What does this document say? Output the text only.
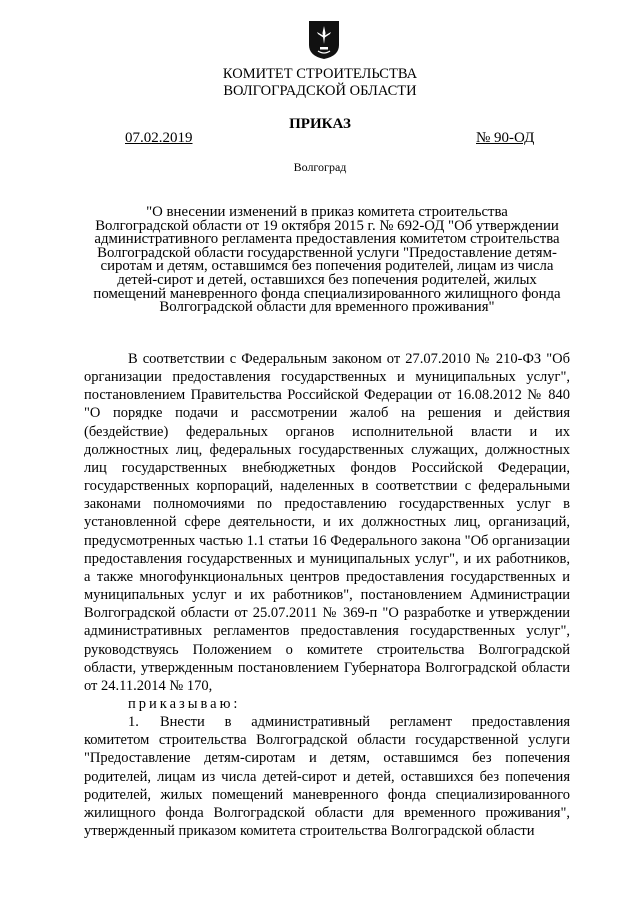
КОМИТЕТ СТРОИТЕЛЬСТВА
ВОЛГОГРАДСКОЙ ОБЛАСТИ
ПРИКАЗ
07.02.2019	№ 90-ОД
Волгоград
"О внесении изменений в приказ комитета строительства
Волгоградской области от 19 октября 2015 г. № 692-ОД "Об утверждении
административного регламента предоставления комитетом строительства
Волгоградской области государственной услуги "Предоставление детям-
сиротам и детям, оставшимся без попечения родителей, лицам из числа
детей-сирот и детей, оставшихся без попечения родителей, жилых
помещений маневренного фонда специализированного жилищного фонда
Волгоградской области для временного проживания"

В соответствии с Федеральным законом от 27.07.2010 № 210-ФЗ "Об организации предоставления государственных и муниципальных услуг", постановлением Правительства Российской Федерации от 16.08.2012 № 840 "О порядке подачи и рассмотрении жалоб на решения и действия (бездействие) федеральных органов исполнительной власти и их должностных лиц, федеральных государственных служащих, должностных лиц государственных внебюджетных фондов Российской Федерации, государственных корпораций, наделенных в соответствии с федеральными законами полномочиями по предоставлению государственных услуг в установленной сфере деятельности, и их должностных лиц, организаций, предусмотренных частью 1.1 статьи 16 Федерального закона "Об организации предоставления государственных и муниципальных услуг", и их работников, а также многофункциональных центров предоставления государственных и муниципальных услуг и их работников", постановлением Администрации Волгоградской области от 25.07.2011 № 369-п "О разработке и утверждении административных регламентов предоставления государственных услуг", руководствуясь Положением о комитете строительства Волгоградской области, утвержденным постановлением Губернатора Волгоградской области от 24.11.2014 № 170,

приказываю:

1. Внести в административный регламент предоставления комитетом строительства Волгоградской области государственной услуги "Предоставление детям-сиротам и детям, оставшимся без попечения родителей, лицам из числа детей-сирот и детей, оставшихся без попечения родителей, жилых помещений маневренного фонда специализированного жилищного фонда Волгоградской области для временного проживания", утвержденный приказом комитета строительства Волгоградской области
